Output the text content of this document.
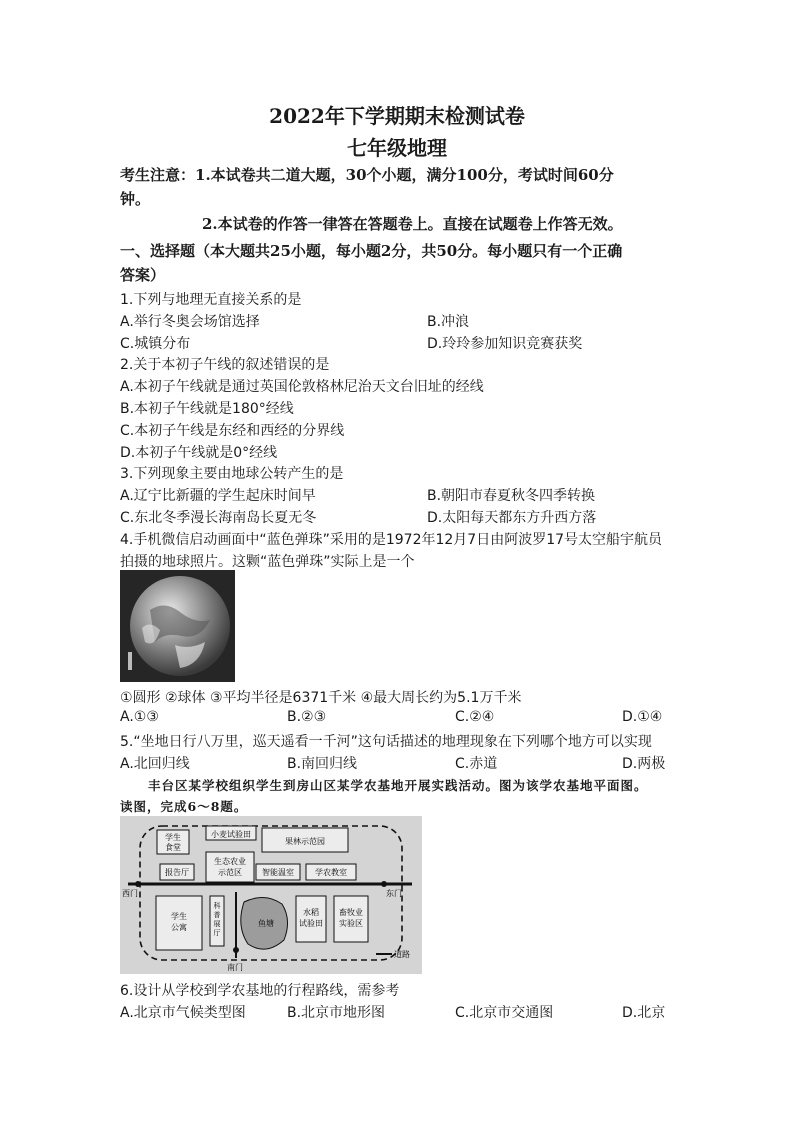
2022年下学期期末检测试卷
七年级地理
考生注意：1.本试卷共二道大题，30个小题，满分100分，考试时间60分
钟。
2.本试卷的作答一律答在答题卷上。直接在试题卷上作答无效。
一、选择题（本大题共25小题，每小题2分，共50分。每小题只有一个正确
答案）
1.下列与地理无直接关系的是
A.举行冬奥会场馆选择	B.冲浪
C.城镇分布	D.玲玲参加知识竞赛获奖
2.关于本初子午线的叙述错误的是
A.本初子午线就是通过英国伦敦格林尼治天文台旧址的经线
B.本初子午线就是180°经线
C.本初子午线是东经和西经的分界线
D.本初子午线就是0°经线
3.下列现象主要由地球公转产生的是
A.辽宁比新疆的学生起床时间早	B.朝阳市春夏秋冬四季转换
C.东北冬季漫长海南岛长夏无冬	D.太阳每天都东方升西方落
4.手机微信启动画面中“蓝色弹珠”采用的是1972年12月7日由阿波罗17号太空船宇航员
拍摄的地球照片。这颗“蓝色弹珠”实际上是一个
①圆形 ②球体 ③平均半径是6371千米 ④最大周长约为5.1万千米
A.①③	B.②③	C.②④	D.①④
5.“坐地日行八万里，巡天遥看一千河”这句话描述的地理现象在下列哪个地方可以实现
A.北回归线	B.南回归线	C.赤道	D.两极
丰台区某学校组织学生到房山区某学农基地开展实践活动。图为该学农基地平面图。
读图，完成6～8题。
学生
食堂
小麦试验田
果林示范园
报告厅
生态农业
示范区	智能温室	学农教室
西门	东门
学生
公寓
科
普
展
厅
鱼塘
水稻
试验田
畜牧业
实验区
道路
南门
6.设计从学校到学农基地的行程路线，需参考
A.北京市气候类型图	B.北京市地形图	C.北京市交通图	D.北京
